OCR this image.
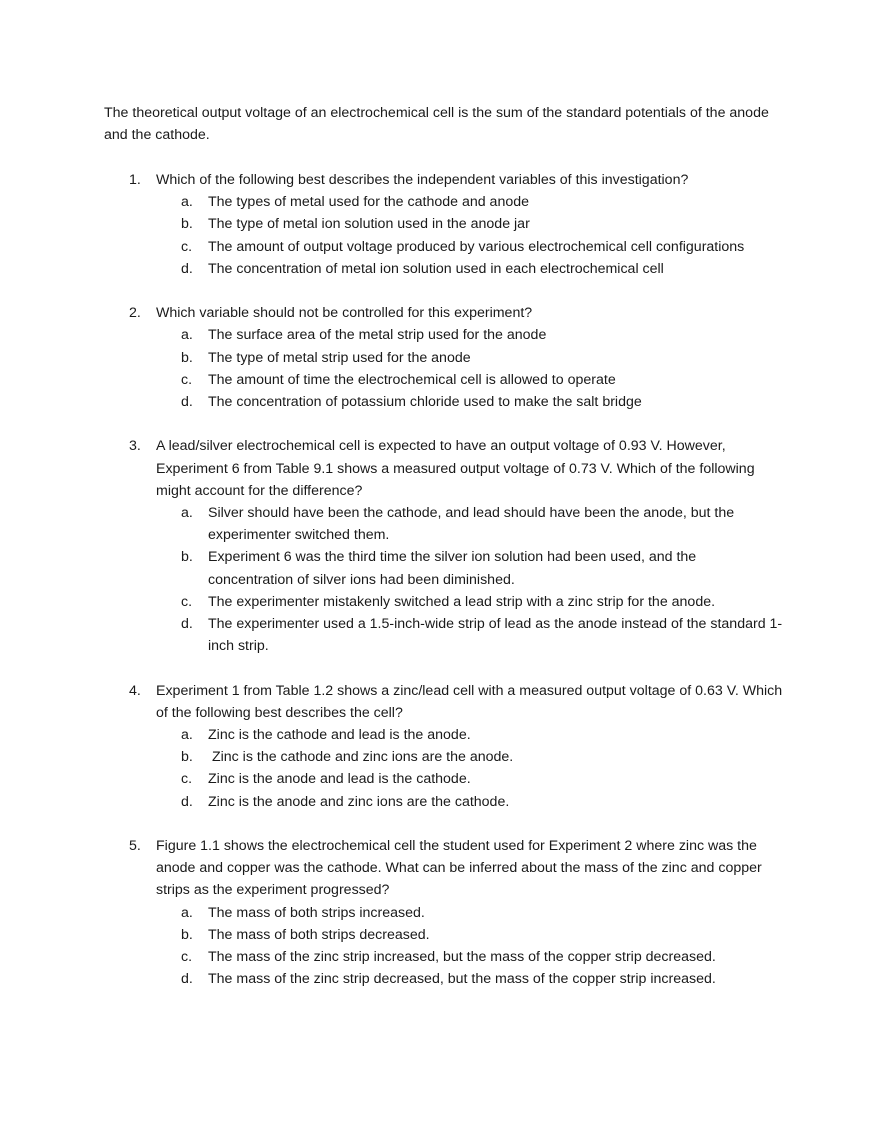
The theoretical output voltage of an electrochemical cell is the sum of the standard potentials of the anode and the cathode.

1. Which of the following best describes the independent variables of this investigation?
a. The types of metal used for the cathode and anode
b. The type of metal ion solution used in the anode jar
c. The amount of output voltage produced by various electrochemical cell configurations
d. The concentration of metal ion solution used in each electrochemical cell
2. Which variable should not be controlled for this experiment?
a. The surface area of the metal strip used for the anode
b. The type of metal strip used for the anode
c. The amount of time the electrochemical cell is allowed to operate
d. The concentration of potassium chloride used to make the salt bridge
3. A lead/silver electrochemical cell is expected to have an output voltage of 0.93 V. However, Experiment 6 from Table 9.1 shows a measured output voltage of 0.73 V. Which of the following might account for the difference?
a. Silver should have been the cathode, and lead should have been the anode, but the experimenter switched them.
b. Experiment 6 was the third time the silver ion solution had been used, and the concentration of silver ions had been diminished.
c. The experimenter mistakenly switched a lead strip with a zinc strip for the anode.
d. The experimenter used a 1.5-inch-wide strip of lead as the anode instead of the standard 1-inch strip.
4. Experiment 1 from Table 1.2 shows a zinc/lead cell with a measured output voltage of 0.63 V. Which of the following best describes the cell?
a. Zinc is the cathode and lead is the anode.
b. Zinc is the cathode and zinc ions are the anode.
c. Zinc is the anode and lead is the cathode.
d. Zinc is the anode and zinc ions are the cathode.
5. Figure 1.1 shows the electrochemical cell the student used for Experiment 2 where zinc was the anode and copper was the cathode. What can be inferred about the mass of the zinc and copper strips as the experiment progressed?
a. The mass of both strips increased.
b. The mass of both strips decreased.
c. The mass of the zinc strip increased, but the mass of the copper strip decreased.
d. The mass of the zinc strip decreased, but the mass of the copper strip increased.
